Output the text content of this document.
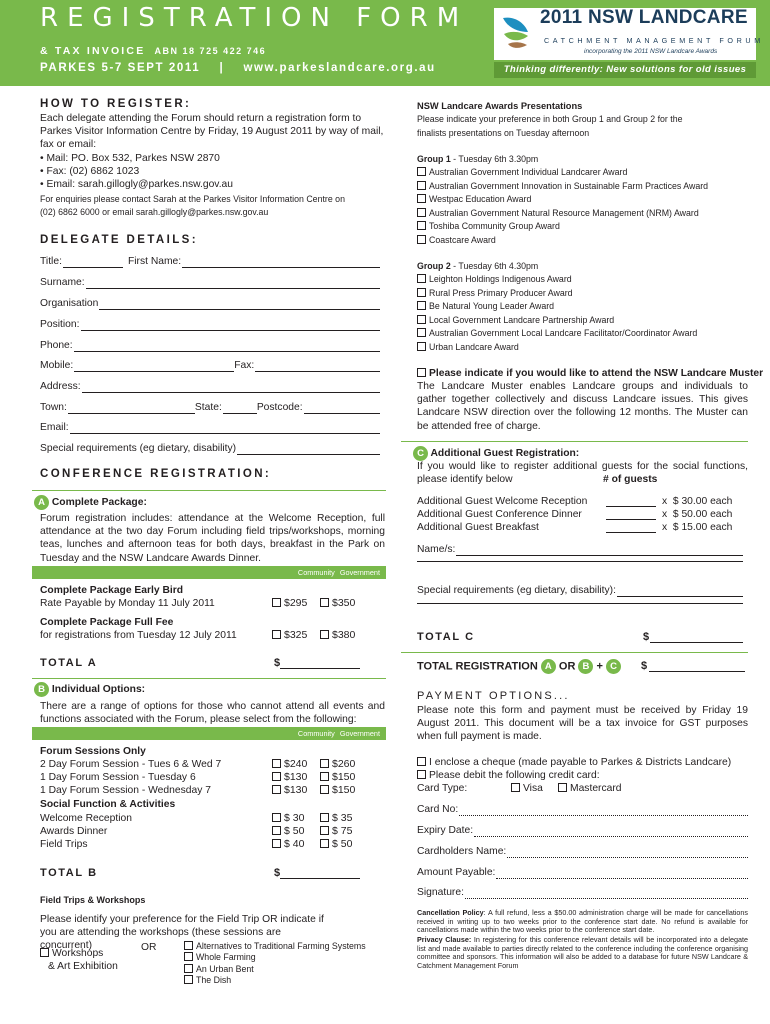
REGISTRATION FORM
& TAX INVOICE ABN 18 725 422 746
PARKES 5-7 SEPT 2011 | www.parkeslandcare.org.au
2011 NSW LANDCARE
CATCHMENT MANAGEMENT FORUM
incorporating the 2011 NSW Landcare Awards
Thinking differently: New solutions for old issues
HOW TO REGISTER:
Each delegate attending the Forum should return a registration form to Parkes Visitor Information Centre by Friday, 19 August 2011 by way of mail, fax or email:
• Mail: PO. Box 532, Parkes NSW 2870
• Fax: (02) 6862 1023
• Email: sarah.gillogly@parkes.nsw.gov.au
For enquiries please contact Sarah at the Parkes Visitor Information Centre on (02) 6862 6000 or email sarah.gillogly@parkes.nsw.gov.au
DELEGATE DETAILS:
Title:	First Name:
Surname:
Organisation
Position:
Phone:
Mobile:	Fax:
Address:
Town:	State:	Postcode:
Email:
Special requirements (eg dietary, disability)
CONFERENCE REGISTRATION:
A Complete Package:
Forum registration includes: attendance at the Welcome Reception, full attendance at the two day Forum including field trips/workshops, morning teas, lunches and afternoon teas for both days, breakfast in the Park on Tuesday and the NSW Landcare Awards Dinner.
Community Government
Complete Package Early Bird
Rate Payable by Monday 11 July 2011	$295	$350
Complete Package Full Fee
for registrations from Tuesday 12 July 2011	$325	$380
TOTAL A	$
B Individual Options:
There are a range of options for those who cannot attend all events and functions associated with the Forum, please select from the following:
Community Government
Forum Sessions Only
2 Day Forum Session - Tues 6 & Wed 7	$240	$260
1 Day Forum Session - Tuesday 6	$130	$150
1 Day Forum Session - Wednesday 7	$130	$150
Social Function & Activities
Welcome Reception	$ 30	$ 35
Awards Dinner	$ 50	$ 75
Field Trips	$ 40	$ 50
TOTAL B	$
Field Trips & Workshops
Please identify your preference for the Field Trip OR indicate if you are attending the workshops (these sessions are concurrent)
Workshops
& Art Exhibition
OR	Alternatives to Traditional Farming Systems
Whole Farming
An Urban Bent
The Dish
NSW Landcare Awards Presentations
Please indicate your preference in both Group 1 and Group 2 for the finalists presentations on Tuesday afternoon
Group 1 - Tuesday 6th 3.30pm
Australian Government Individual Landcarer Award
Australian Government Innovation in Sustainable Farm Practices Award
Westpac Education Award
Australian Government Natural Resource Management (NRM) Award
Toshiba Community Group Award
Coastcare Award
Group 2 - Tuesday 6th 4.30pm
Leighton Holdings Indigenous Award
Rural Press Primary Producer Award
Be Natural Young Leader Award
Local Government Landcare Partnership Award
Australian Government Local Landcare Facilitator/Coordinator Award
Urban Landcare Award
Please indicate if you would like to attend the NSW Landcare Muster
The Landcare Muster enables Landcare groups and individuals to gather together collectively and discuss Landcare issues. This gives Landcare NSW direction over the following 12 months. The Muster can be attended free of charge.
C Additional Guest Registration:
If you would like to register additional guests for the social functions, please identify below	# of guests
Additional Guest Welcome Reception	x  $ 30.00 each
Additional Guest Conference Dinner	x  $ 50.00 each
Additional Guest Breakfast	x  $ 15.00 each
Name/s:
Special requirements (eg dietary, disability):
TOTAL C	$
TOTAL REGISTRATION A OR B + C $
PAYMENT OPTIONS...
Please note this form and payment must be received by Friday 19 August 2011. This document will be a tax invoice for GST purposes when full payment is made.
I enclose a cheque (made payable to Parkes & Districts Landcare)
Please debit the following credit card:
Card Type:	Visa	Mastercard
Card No:
Expiry Date:
Cardholders Name:
Amount Payable:
Signature:
Cancellation Policy: A full refund, less a $50.00 administration charge will be made for cancellations received in writing up to two weeks prior to the conference start date. No refund is available for cancellations made within the two weeks prior to the conference start date.
Privacy Clause: In registering for this conference relevant details will be incorporated into a delegate list and made available to parties directly related to the conference including the conference organising committee and sponsors. This information will also be added to a database for future NSW Landcare & Catchment Management Forum
